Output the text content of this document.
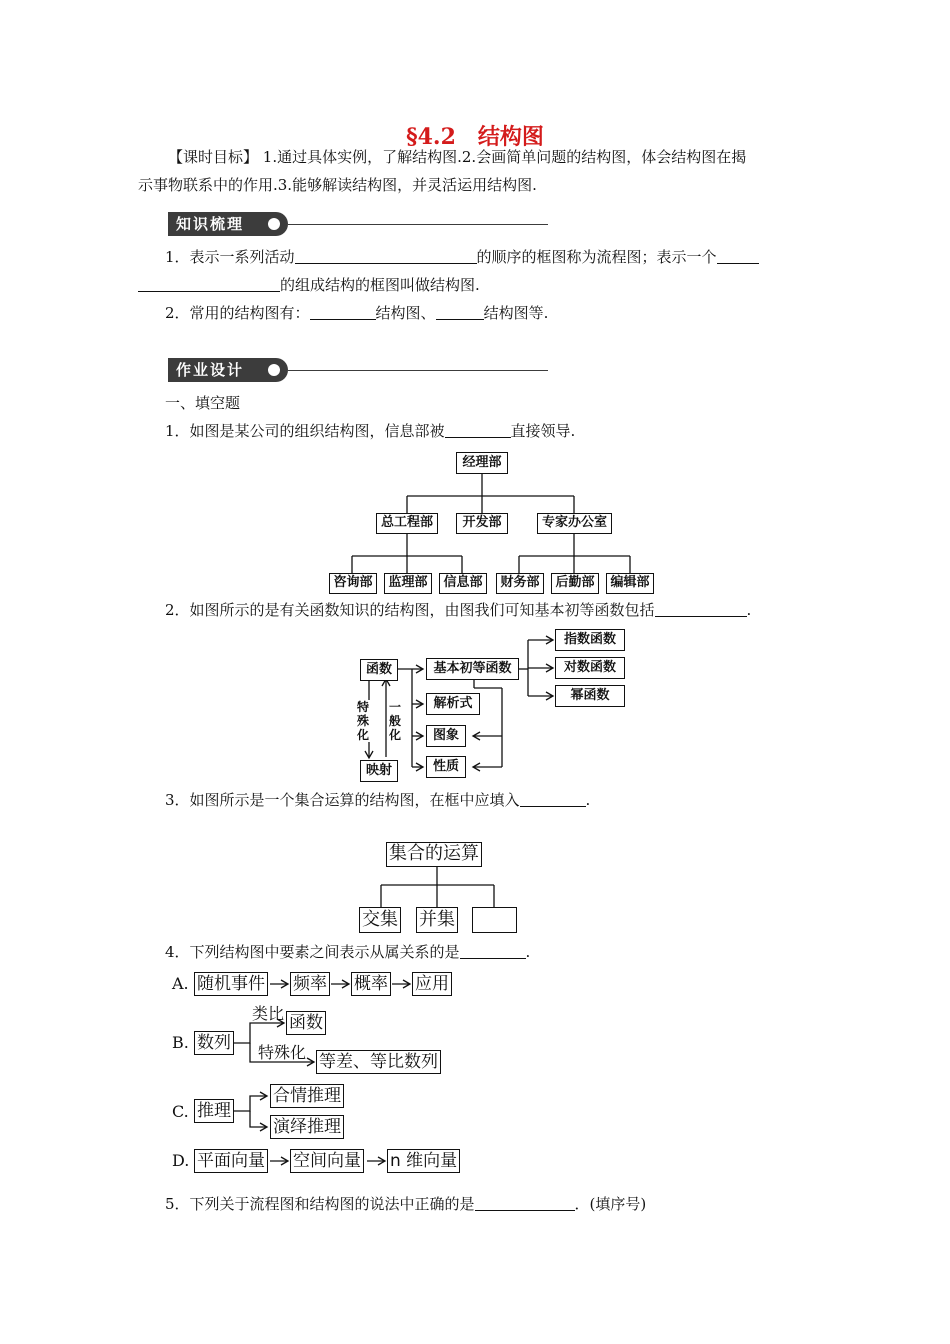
§4.2　结构图
【课时目标】 1.通过具体实例，了解结构图.2.会画简单问题的结构图，体会结构图在揭
示事物联系中的作用.3.能够解读结构图，并灵活运用结构图.
知识梳理
1．表示一系列活动	的顺序的框图称为流程图；表示一个
的组成结构的框图叫做结构图.
2．常用的结构图有：	结构图、	结构图等.
作业设计
一、填空题
1．如图是某公司的组织结构图，信息部被	直接领导.
经理部
总工程部	开发部	专家办公室
咨询部	监理部	信息部	财务部	后勤部	编辑部
2．如图所示的是有关函数知识的结构图，由图我们可知基本初等函数包括	.
函数	基本初等函数
指数函数
对数函数
幂函数
解析式
图象
性质
映射
特殊化
一般化
3．如图所示是一个集合运算的结构图，在框中应填入	.
集合的运算
交集 并集
4．下列结构图中要素之间表示从属关系的是	.
A. 随机事件 频率 概率 应用
B. 数列
类比 函数
特殊化 等差、等比数列
C. 推理
合情推理
演绎推理
D. 平面向量 空间向量 n 维向量
5．下列关于流程图和结构图的说法中正确的是	．(填序号)
